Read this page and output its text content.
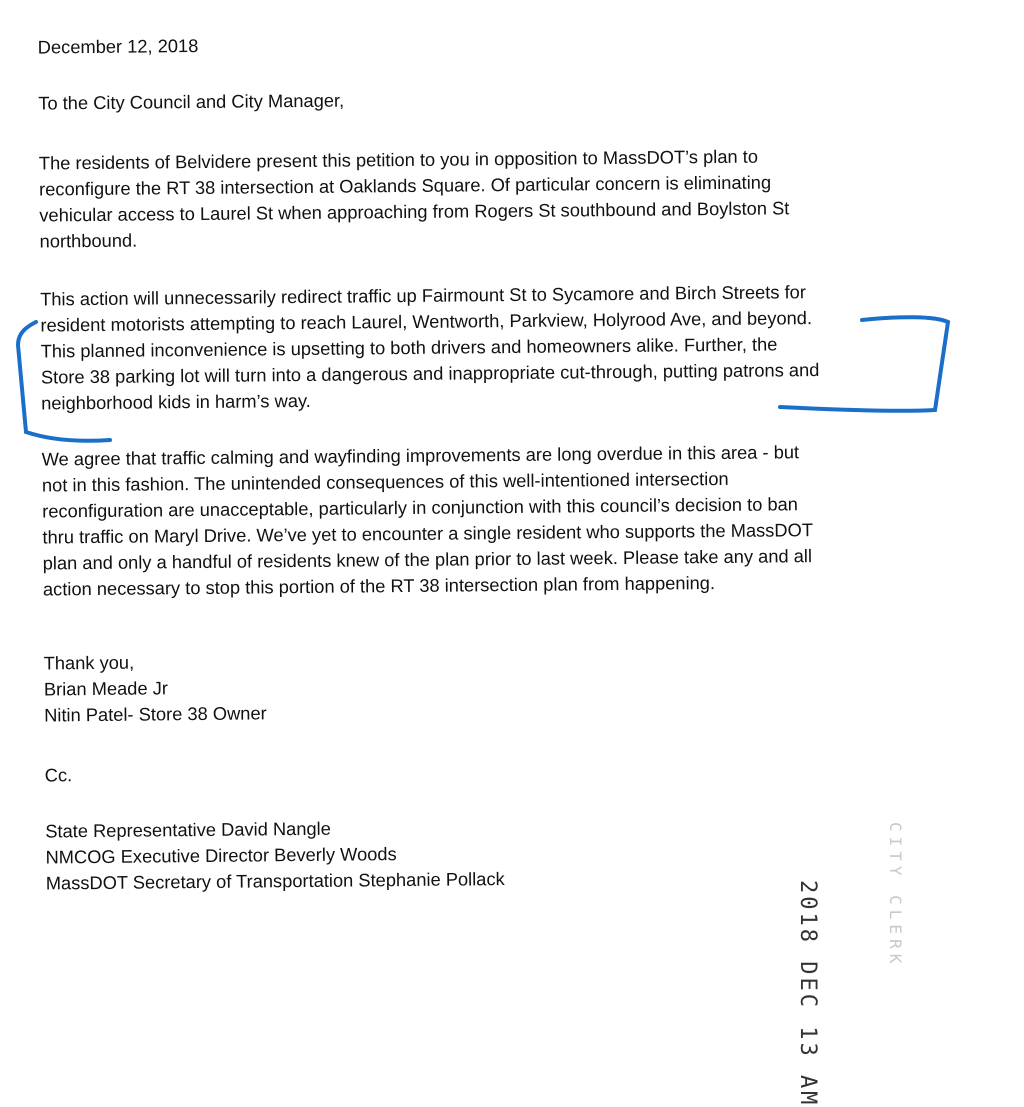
December 12, 2018
To the City Council and City Manager,
The residents of Belvidere present this petition to you in opposition to MassDOT’s plan to
reconfigure the RT 38 intersection at Oaklands Square. Of particular concern is eliminating
vehicular access to Laurel St when approaching from Rogers St southbound and Boylston St
northbound.
This action will unnecessarily redirect traffic up Fairmount St to Sycamore and Birch Streets for
resident motorists attempting to reach Laurel, Wentworth, Parkview, Holyrood Ave, and beyond.
This planned inconvenience is upsetting to both drivers and homeowners alike. Further, the
Store 38 parking lot will turn into a dangerous and inappropriate cut-through, putting patrons and
neighborhood kids in harm’s way.
We agree that traffic calming and wayfinding improvements are long overdue in this area - but
not in this fashion. The unintended consequences of this well-intentioned intersection
reconfiguration are unacceptable, particularly in conjunction with this council’s decision to ban
thru traffic on Maryl Drive. We’ve yet to encounter a single resident who supports the MassDOT
plan and only a handful of residents knew of the plan prior to last week. Please take any and all
action necessary to stop this portion of the RT 38 intersection plan from happening.
Thank you,
Brian Meade Jr
Nitin Patel- Store 38 Owner
Cc.
State Representative David Nangle
NMCOG Executive Director Beverly Woods
MassDOT Secretary of Transportation Stephanie Pollack	2018 DEC 13 AM	CITY CLERK
